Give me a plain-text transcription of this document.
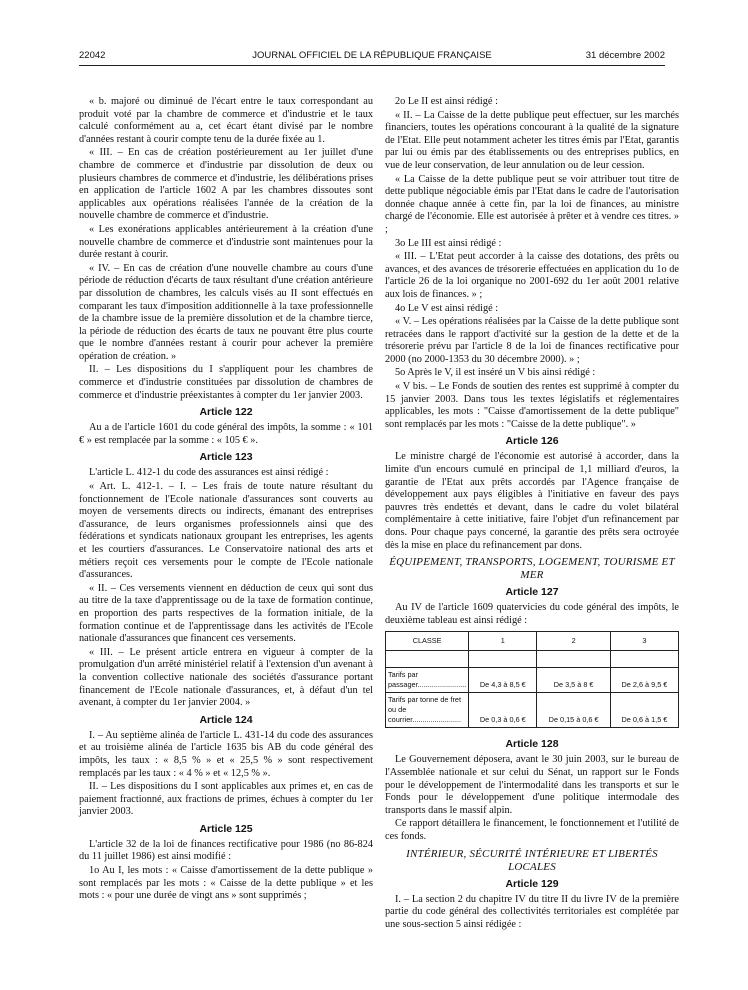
22042	JOURNAL OFFICIEL DE LA RÉPUBLIQUE FRANÇAISE	31 décembre 2002

« b. majoré ou diminué de l'écart entre le taux correspondant au produit voté par la chambre de commerce et d'industrie et le taux calculé conformément au a, cet écart étant divisé par le nombre d'années restant à courir compte tenu de la durée fixée au 1.

« III. – En cas de création postérieurement au 1er juillet d'une chambre de commerce et d'industrie par dissolution de deux ou plusieurs chambres de commerce et d'industrie, les délibérations prises en application de l'article 1602 A par les chambres dissoutes sont applicables aux opérations réalisées l'année de la création de la nouvelle chambre de commerce et d'industrie.

« Les exonérations applicables antérieurement à la création d'une nouvelle chambre de commerce et d'industrie sont maintenues pour la durée restant à courir.

« IV. – En cas de création d'une nouvelle chambre au cours d'une période de réduction d'écarts de taux résultant d'une création antérieure par dissolution de chambres, les calculs visés au II sont effectués en comparant les taux d'imposition additionnelle à la taxe professionnelle de la chambre issue de la première dissolution et de la chambre tierce, la période de réduction des écarts de taux ne pouvant être plus courte que le nombre d'années restant à courir pour achever la première opération de création. »

II. – Les dispositions du I s'appliquent pour les chambres de commerce et d'industrie constituées par dissolution de chambres de commerce et d'industrie préexistantes à compter du 1er janvier 2003.

Article 122

Au a de l'article 1601 du code général des impôts, la somme : « 101 € » est remplacée par la somme : « 105 € ».

Article 123

L'article L. 412-1 du code des assurances est ainsi rédigé :

« Art. L. 412-1. – I. – Les frais de toute nature résultant du fonctionnement de l'Ecole nationale d'assurances sont couverts au moyen de versements directs ou indirects, émanant des entreprises d'assurance, de leurs organismes professionnels ainsi que des fédérations et syndicats nationaux groupant les entreprises, les agents et les courtiers d'assurances. Le Conservatoire national des arts et métiers reçoit ces versements pour le compte de l'Ecole nationale d'assurances.

« II. – Ces versements viennent en déduction de ceux qui sont dus au titre de la taxe d'apprentissage ou de la taxe de formation continue, en proportion des parts respectives de la formation initiale, de la formation continue et de l'apprentissage dans les activités de l'Ecole nationale d'assurances que financent ces versements.

« III. – Le présent article entrera en vigueur à compter de la promulgation d'un arrêté ministériel relatif à l'extension d'un avenant à la convention collective nationale des sociétés d'assurance portant financement de l'Ecole nationale d'assurances, et, à défaut d'un tel avenant, à compter du 1er janvier 2004. »

Article 124

I. – Au septième alinéa de l'article L. 431-14 du code des assurances et au troisième alinéa de l'article 1635 bis AB du code général des impôts, les taux : « 8,5 % » et « 25,5 % » sont respectivement remplacés par les taux : « 4 % » et « 12,5 % ».

II. – Les dispositions du I sont applicables aux primes et, en cas de paiement fractionné, aux fractions de primes, échues à compter du 1er janvier 2003.

Article 125

L'article 32 de la loi de finances rectificative pour 1986 (no 86-824 du 11 juillet 1986) est ainsi modifié :

1o Au I, les mots : « Caisse d'amortissement de la dette publique » sont remplacés par les mots : « Caisse de la dette publique » et les mots : « pour une durée de vingt ans » sont supprimés ;

2o Le II est ainsi rédigé :

« II. – La Caisse de la dette publique peut effectuer, sur les marchés financiers, toutes les opérations concourant à la qualité de la signature de l'Etat. Elle peut notamment acheter les titres émis par l'Etat, garantis par lui ou émis par des établissements ou des entreprises publics, en vue de leur conservation, de leur annulation ou de leur cession.

« La Caisse de la dette publique peut se voir attribuer tout titre de dette publique négociable émis par l'Etat dans le cadre de l'autorisation donnée chaque année à cette fin, par la loi de finances, au ministre chargé de l'économie. Elle est autorisée à prêter et à vendre ces titres. » ;

3o Le III est ainsi rédigé :

« III. – L'Etat peut accorder à la caisse des dotations, des prêts ou avances, et des avances de trésorerie effectuées en application du 1o de l'article 26 de la loi organique no 2001-692 du 1er août 2001 relative aux lois de finances. » ;

4o Le V est ainsi rédigé :

« V. – Les opérations réalisées par la Caisse de la dette publique sont retracées dans le rapport d'activité sur la gestion de la dette et de la trésorerie prévu par l'article 8 de la loi de finances rectificative pour 2000 (no 2000-1353 du 30 décembre 2000). » ;

5o Après le V, il est inséré un V bis ainsi rédigé :

« V bis. – Le Fonds de soutien des rentes est supprimé à compter du 15 janvier 2003. Dans tous les textes législatifs et réglementaires applicables, les mots : "Caisse d'amortissement de la dette publique" sont remplacés par les mots : "Caisse de la dette publique". »

Article 126

Le ministre chargé de l'économie est autorisé à accorder, dans la limite d'un encours cumulé en principal de 1,1 milliard d'euros, la garantie de l'Etat aux prêts accordés par l'Agence française de développement aux pays éligibles à l'initiative en faveur des pays pauvres très endettés et devant, dans le cadre du volet bilatéral complémentaire à cette initiative, faire l'objet d'un refinancement par dons. Pour chaque pays concerné, la garantie des prêts sera octroyée dès la mise en place du refinancement par dons.

ÉQUIPEMENT, TRANSPORTS, LOGEMENT, TOURISME ET MER
Article 127

Au IV de l'article 1609 quatervicies du code général des impôts, le deuxième tableau est ainsi rédigé :

CLASSE	1	2	3

Tarifs par passager........................	De 4,3 à 8,5 €	De 3,5 à 8 €	De 2,6 à 9,5 €
Tarifs par tonne de fret ou de courrier........................	De 0,3 à 0,6 €	De 0,15 à 0,6 €	De 0,6 à 1,5 €
Article 128

Le Gouvernement déposera, avant le 30 juin 2003, sur le bureau de l'Assemblée nationale et sur celui du Sénat, un rapport sur le Fonds pour le développement de l'intermodalité dans les transports et sur le Fonds pour le développement d'une politique intermodale des transports dans le massif alpin.

Ce rapport détaillera le financement, le fonctionnement et l'utilité de ces fonds.

INTÉRIEUR, SÉCURITÉ INTÉRIEURE ET LIBERTÉS LOCALES
Article 129

I. – La section 2 du chapitre IV du titre II du livre IV de la première partie du code général des collectivités territoriales est complétée par une sous-section 5 ainsi rédigée :
